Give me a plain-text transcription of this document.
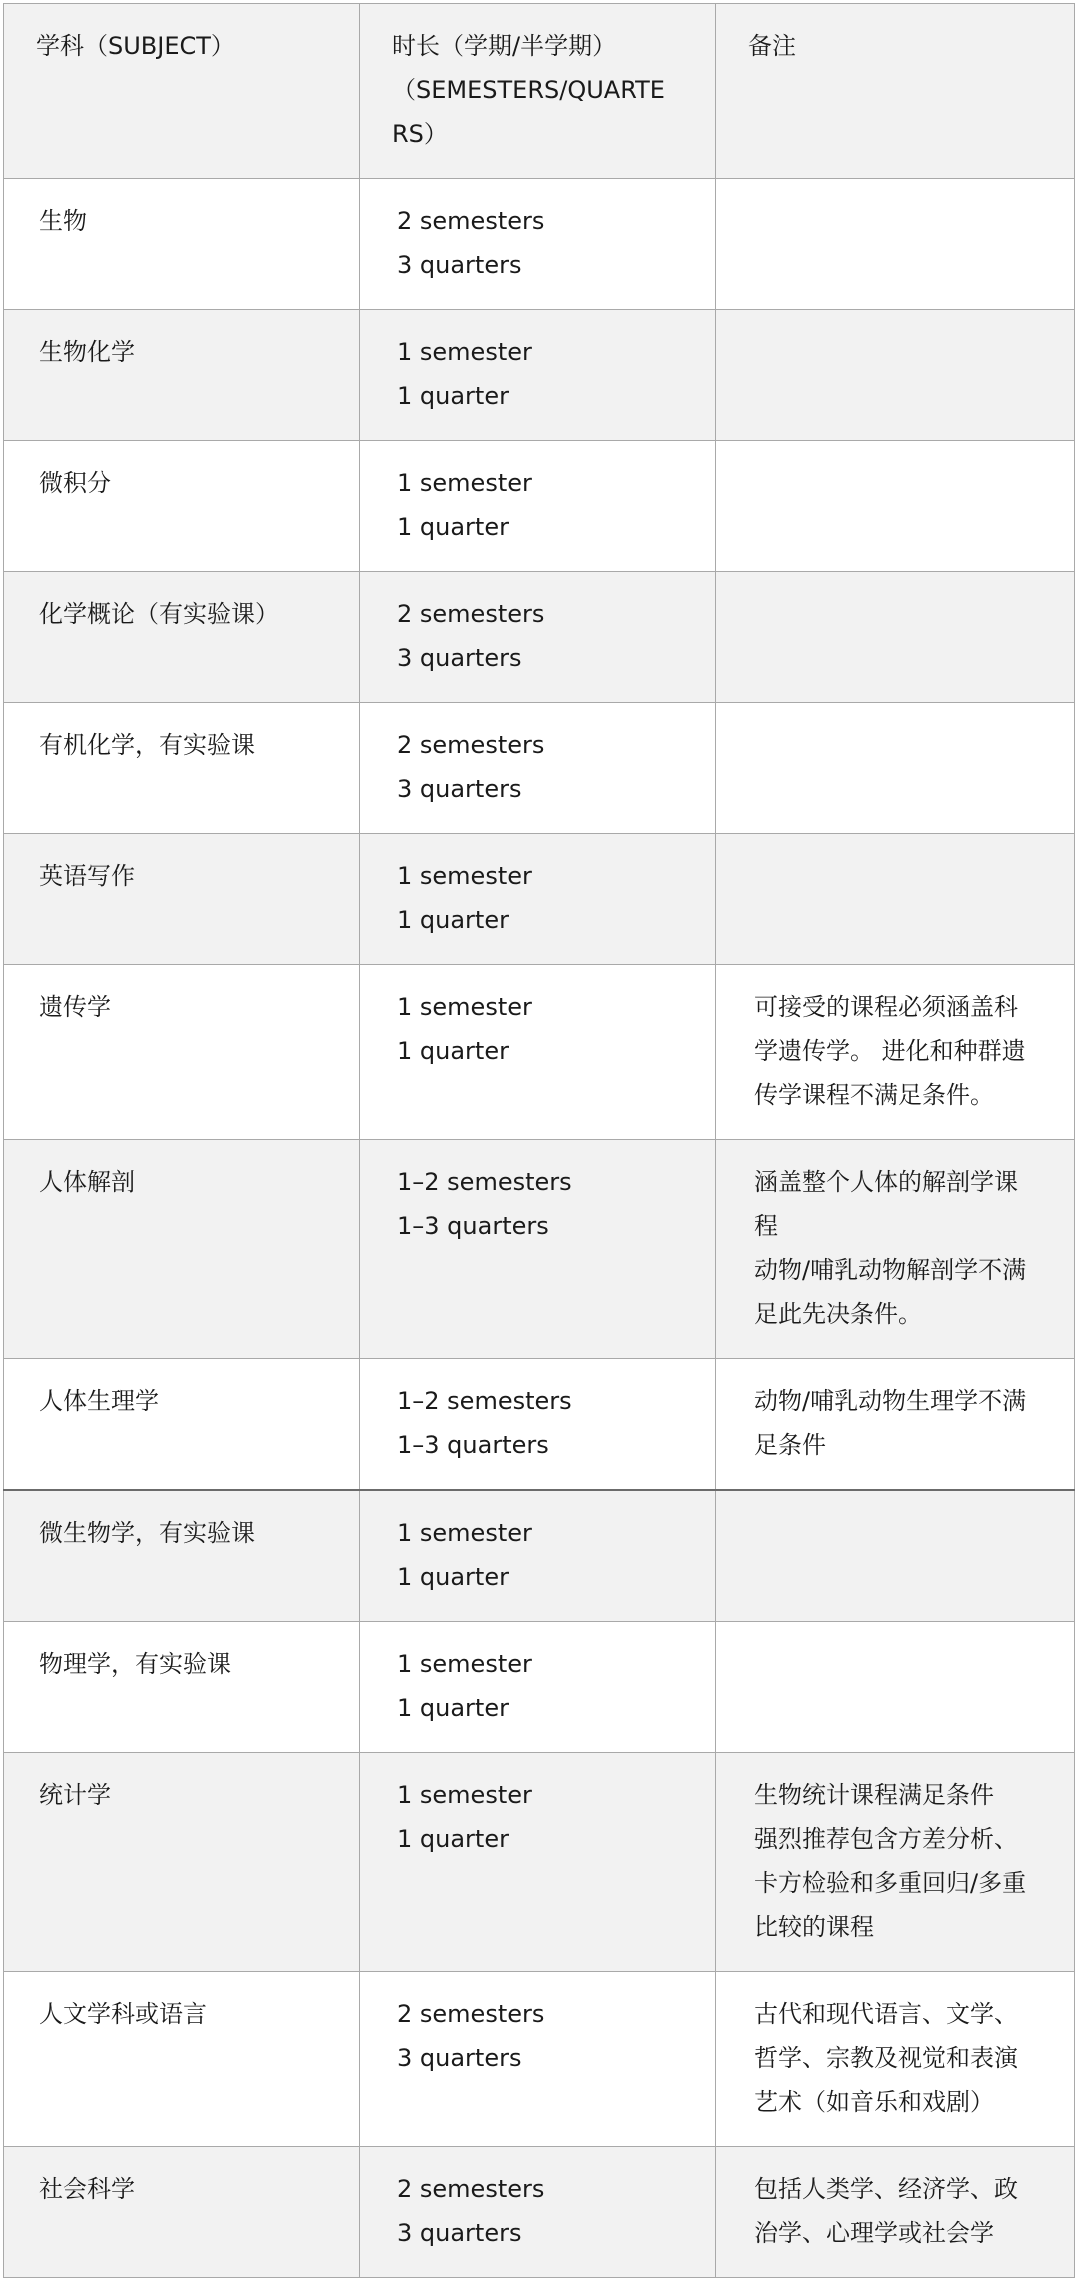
学科（SUBJECT）	时长（学期/半学期）
（SEMESTERS/QUARTE
RS）	备注

生物	2 semesters
3 quarters	

生物化学	1 semester
1 quarter	

微积分	1 semester
1 quarter	

化学概论（有实验课）	2 semesters
3 quarters	

有机化学，有实验课	2 semesters
3 quarters	

英语写作	1 semester
1 quarter	

遗传学	1 semester
1 quarter	可接受的课程必须涵盖科
学遗传学。 进化和种群遗
传学课程不满足条件。

人体解剖	1–2 semesters
1–3 quarters	涵盖整个人体的解剖学课
程
动物/哺乳动物解剖学不满
足此先决条件。

人体生理学	1–2 semesters
1–3 quarters	动物/哺乳动物生理学不满
足条件

微生物学，有实验课	1 semester
1 quarter	

物理学，有实验课	1 semester
1 quarter	

统计学	1 semester
1 quarter	生物统计课程满足条件
强烈推荐包含方差分析、
卡方检验和多重回归/多重
比较的课程

人文学科或语言	2 semesters
3 quarters	古代和现代语言、文学、
哲学、宗教及视觉和表演
艺术（如音乐和戏剧）

社会科学	2 semesters
3 quarters	包括人类学、经济学、政
治学、心理学或社会学
